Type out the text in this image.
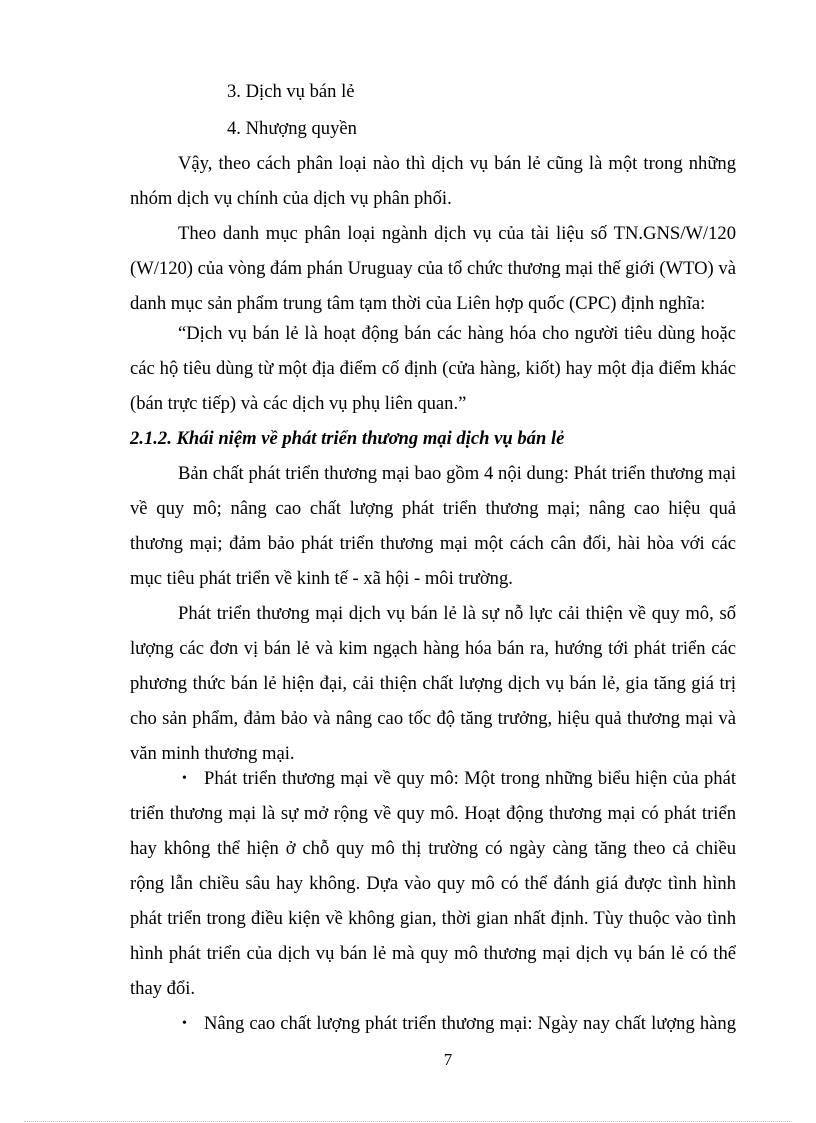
3. Dịch vụ bán lẻ

4. Nhượng quyền

Vậy, theo cách phân loại nào thì dịch vụ bán lẻ cũng là một trong những

nhóm dịch vụ chính của dịch vụ phân phối.

Theo danh mục phân loại ngành dịch vụ của tài liệu số TN.GNS/W/120

(W/120) của vòng đám phán Uruguay của tổ chức thương mại thế giới (WTO) và

danh mục sản phẩm trung tâm tạm thời của Liên hợp quốc (CPC) định nghĩa:

“Dịch vụ bán lẻ là hoạt động bán các hàng hóa cho người tiêu dùng hoặc

các hộ tiêu dùng từ một địa điểm cố định (cửa hàng, kiốt) hay một địa điểm khác

(bán trực tiếp) và các dịch vụ phụ liên quan.”

2.1.2. Khái niệm về phát triển thương mại dịch vụ bán lẻ

Bản chất phát triển thương mại bao gồm 4 nội dung: Phát triển thương mại

về quy mô; nâng cao chất lượng phát triển thương mại; nâng cao hiệu quả

thương mại; đảm bảo phát triển thương mại một cách cân đối, hài hòa với các

mục tiêu phát triển về kinh tế - xã hội - môi trường.

Phát triển thương mại dịch vụ bán lẻ là sự nỗ lực cải thiện về quy mô, số

lượng các đơn vị bán lẻ và kim ngạch hàng hóa bán ra, hướng tới phát triển các

phương thức bán lẻ hiện đại, cải thiện chất lượng dịch vụ bán lẻ, gia tăng giá trị

cho sản phẩm, đảm bảo và nâng cao tốc độ tăng trưởng, hiệu quả thương mại và

văn minh thương mại.

• Phát triển thương mại về quy mô: Một trong những biểu hiện của phát

triển thương mại là sự mở rộng về quy mô. Hoạt động thương mại có phát triển

hay không thể hiện ở chỗ quy mô thị trường có ngày càng tăng theo cả chiều

rộng lẫn chiều sâu hay không. Dựa vào quy mô có thể đánh giá được tình hình

phát triển trong điều kiện về không gian, thời gian nhất định. Tùy thuộc vào tình

hình phát triển của dịch vụ bán lẻ mà quy mô thương mại dịch vụ bán lẻ có thể

thay đổi.

• Nâng cao chất lượng phát triển thương mại: Ngày nay chất lượng hàng

7
